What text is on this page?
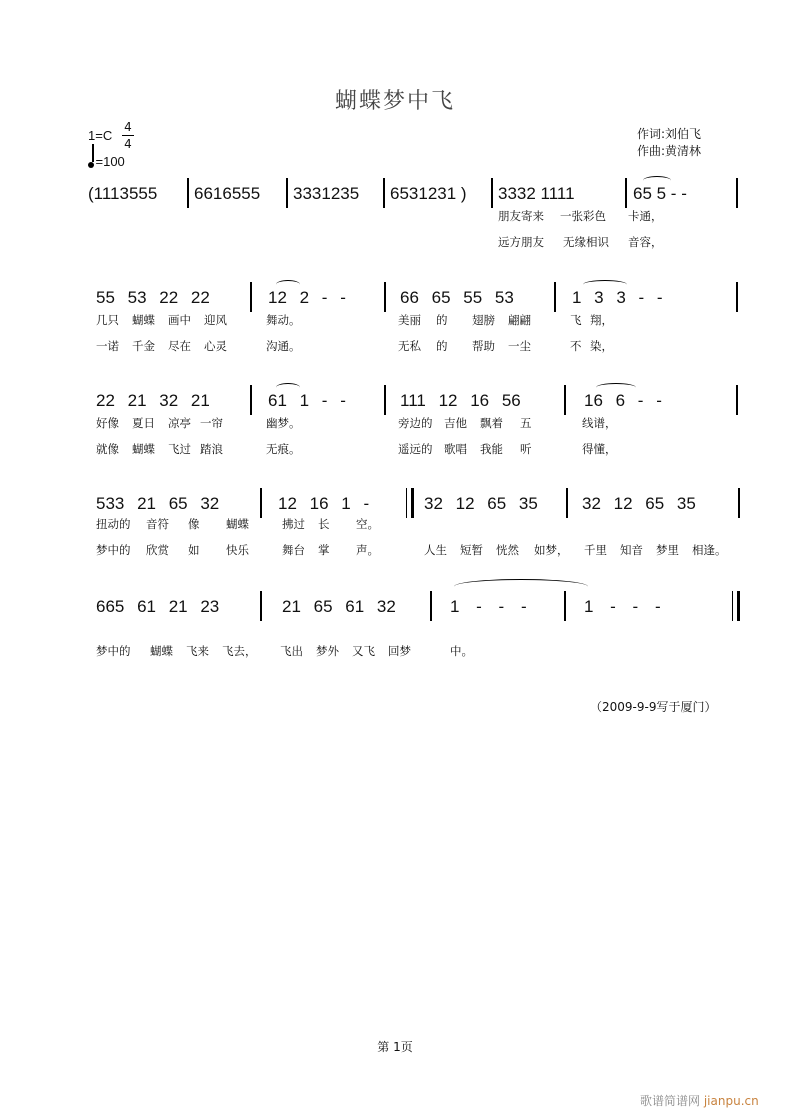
蝴蝶梦中飞
1=C
4
4
=100
作词:刘伯飞
作曲:黄清林
(1113555 6616555 3331235 6531231 ) 3332 1111	65 5 - -
朋友寄来 一张彩色 卡通，
远方朋友 无缘相识 音容，
55 53 22 22	12 2 - -	66 65 55 53	1 3 3 - -
几只 蝴蝶 画中 迎风	舞动。	美丽 的 翅膀 翩翩	飞 翔，
一诺 千金 尽在 心灵	沟通。	无私 的 帮助 一尘	不 染，
22 21 32 21	61 1 - -	111 12 16 56	16 6 - -
好像 夏日 凉亭 一帘	幽梦。	旁边的 吉他 飘着 五	线谱，
就像 蝴蝶 飞过 踏浪	无痕。	遥远的 歌唱 我能 听	得懂，
533 21 65 32	12 16 1 -	32 12 65 35	32 12 65 35
扭动的 音符 像 蝴蝶	拂过 长 空。
梦中的 欣赏 如 快乐	舞台 掌 声。	人生 短暂 恍然 如梦， 千里 知音 梦里 相逢。
665 61 21 23	21 65 61 32	1 - - -	1 - - -
梦中的 蝴蝶 飞来 飞去， 飞出 梦外 又飞 回梦	中。
（2009-9-9写于厦门）
第 1页
歌谱简谱网 jianpu.cn
